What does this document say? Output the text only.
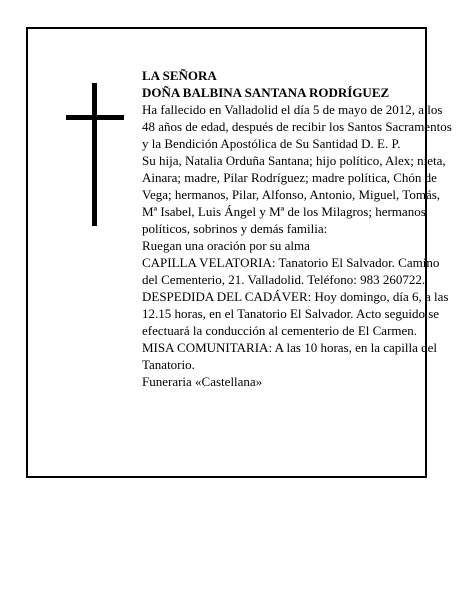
LA SEÑORA

DOÑA BALBINA SANTANA RODRÍGUEZ

Ha fallecido en Valladolid el día 5 de mayo de 2012, a los 48 años de edad, después de recibir los Santos Sacramentos y la Bendición Apostólica de Su Santidad D. E. P.

Su hija, Natalia Orduña Santana; hijo político, Alex; nieta, Ainara; madre, Pilar Rodríguez; madre política, Chón de Vega; hermanos, Pilar, Alfonso, Antonio, Miguel, Tomás, Mª Isabel, Luis Ángel y Mª de los Milagros; hermanos políticos, sobrinos y demás familia:

Ruegan una oración por su alma

CAPILLA VELATORIA: Tanatorio El Salvador. Camino del Cementerio, 21. Valladolid. Teléfono: 983 260722.

DESPEDIDA DEL CADÁVER: Hoy domingo, día 6, a las 12.15 horas, en el Tanatorio El Salvador. Acto seguido se efectuará la conducción al cementerio de El Carmen.

MISA COMUNITARIA: A las 10 horas, en la capilla del Tanatorio.

Funeraria «Castellana»
